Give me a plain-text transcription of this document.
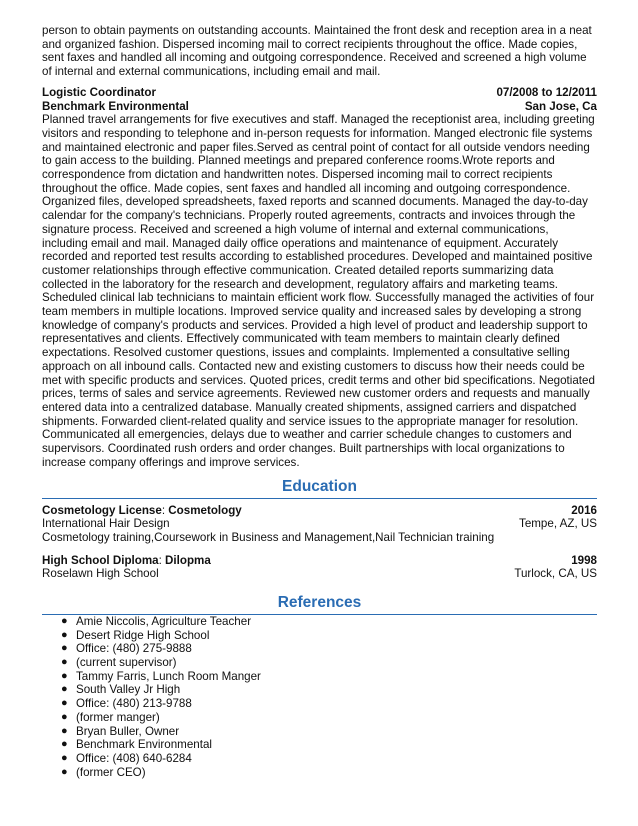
person to obtain payments on outstanding accounts. Maintained the front desk and reception area in a neat and organized fashion. Dispersed incoming mail to correct recipients throughout the office. Made copies, sent faxes and handled all incoming and outgoing correspondence. Received and screened a high volume of internal and external communications, including email and mail.

Logistic Coordinator	07/2008 to 12/2011
Benchmark Environmental	San Jose, Ca

Planned travel arrangements for five executives and staff. Managed the receptionist area, including greeting visitors and responding to telephone and in-person requests for information. Manged electronic file systems and maintained electronic and paper files.Served as central point of contact for all outside vendors needing to gain access to the building. Planned meetings and prepared conference rooms.Wrote reports and correspondence from dictation and handwritten notes. Dispersed incoming mail to correct recipients throughout the office. Made copies, sent faxes and handled all incoming and outgoing correspondence. Organized files, developed spreadsheets, faxed reports and scanned documents. Managed the day-to-day calendar for the company's technicians. Properly routed agreements, contracts and invoices through the signature process. Received and screened a high volume of internal and external communications, including email and mail. Managed daily office operations and maintenance of equipment. Accurately recorded and reported test results according to established procedures. Developed and maintained positive customer relationships through effective communication. Created detailed reports summarizing data collected in the laboratory for the research and development, regulatory affairs and marketing teams. Scheduled clinical lab technicians to maintain efficient work flow. Successfully managed the activities of four team members in multiple locations. Improved service quality and increased sales by developing a strong knowledge of company's products and services. Provided a high level of product and leadership support to representatives and clients. Effectively communicated with team members to maintain clearly defined expectations. Resolved customer questions, issues and complaints. Implemented a consultative selling approach on all inbound calls. Contacted new and existing customers to discuss how their needs could be met with specific products and services. Quoted prices, credit terms and other bid specifications. Negotiated prices, terms of sales and service agreements. Reviewed new customer orders and requests and manually entered data into a centralized database. Manually created shipments, assigned carriers and dispatched shipments. Forwarded client-related quality and service issues to the appropriate manager for resolution. Communicated all emergencies, delays due to weather and carrier schedule changes to customers and supervisors. Coordinated rush orders and order changes. Built partnerships with local organizations to increase company offerings and improve services.

Education
Cosmetology License: Cosmetology	2016
International Hair Design	Tempe, AZ, US

Cosmetology training,Coursework in Business and Management,Nail Technician training

High School Diploma: Dilopma	1998
Roselawn High School	Turlock, CA, US
References
● Amie Niccolis, Agriculture Teacher
● Desert Ridge High School
● Office: (480) 275-9888
● (current supervisor)
● Tammy Farris, Lunch Room Manger
● South Valley Jr High
● Office: (480) 213-9788
● (former manger)
● Bryan Buller, Owner
● Benchmark Environmental
● Office: (408) 640-6284
● (former CEO)
